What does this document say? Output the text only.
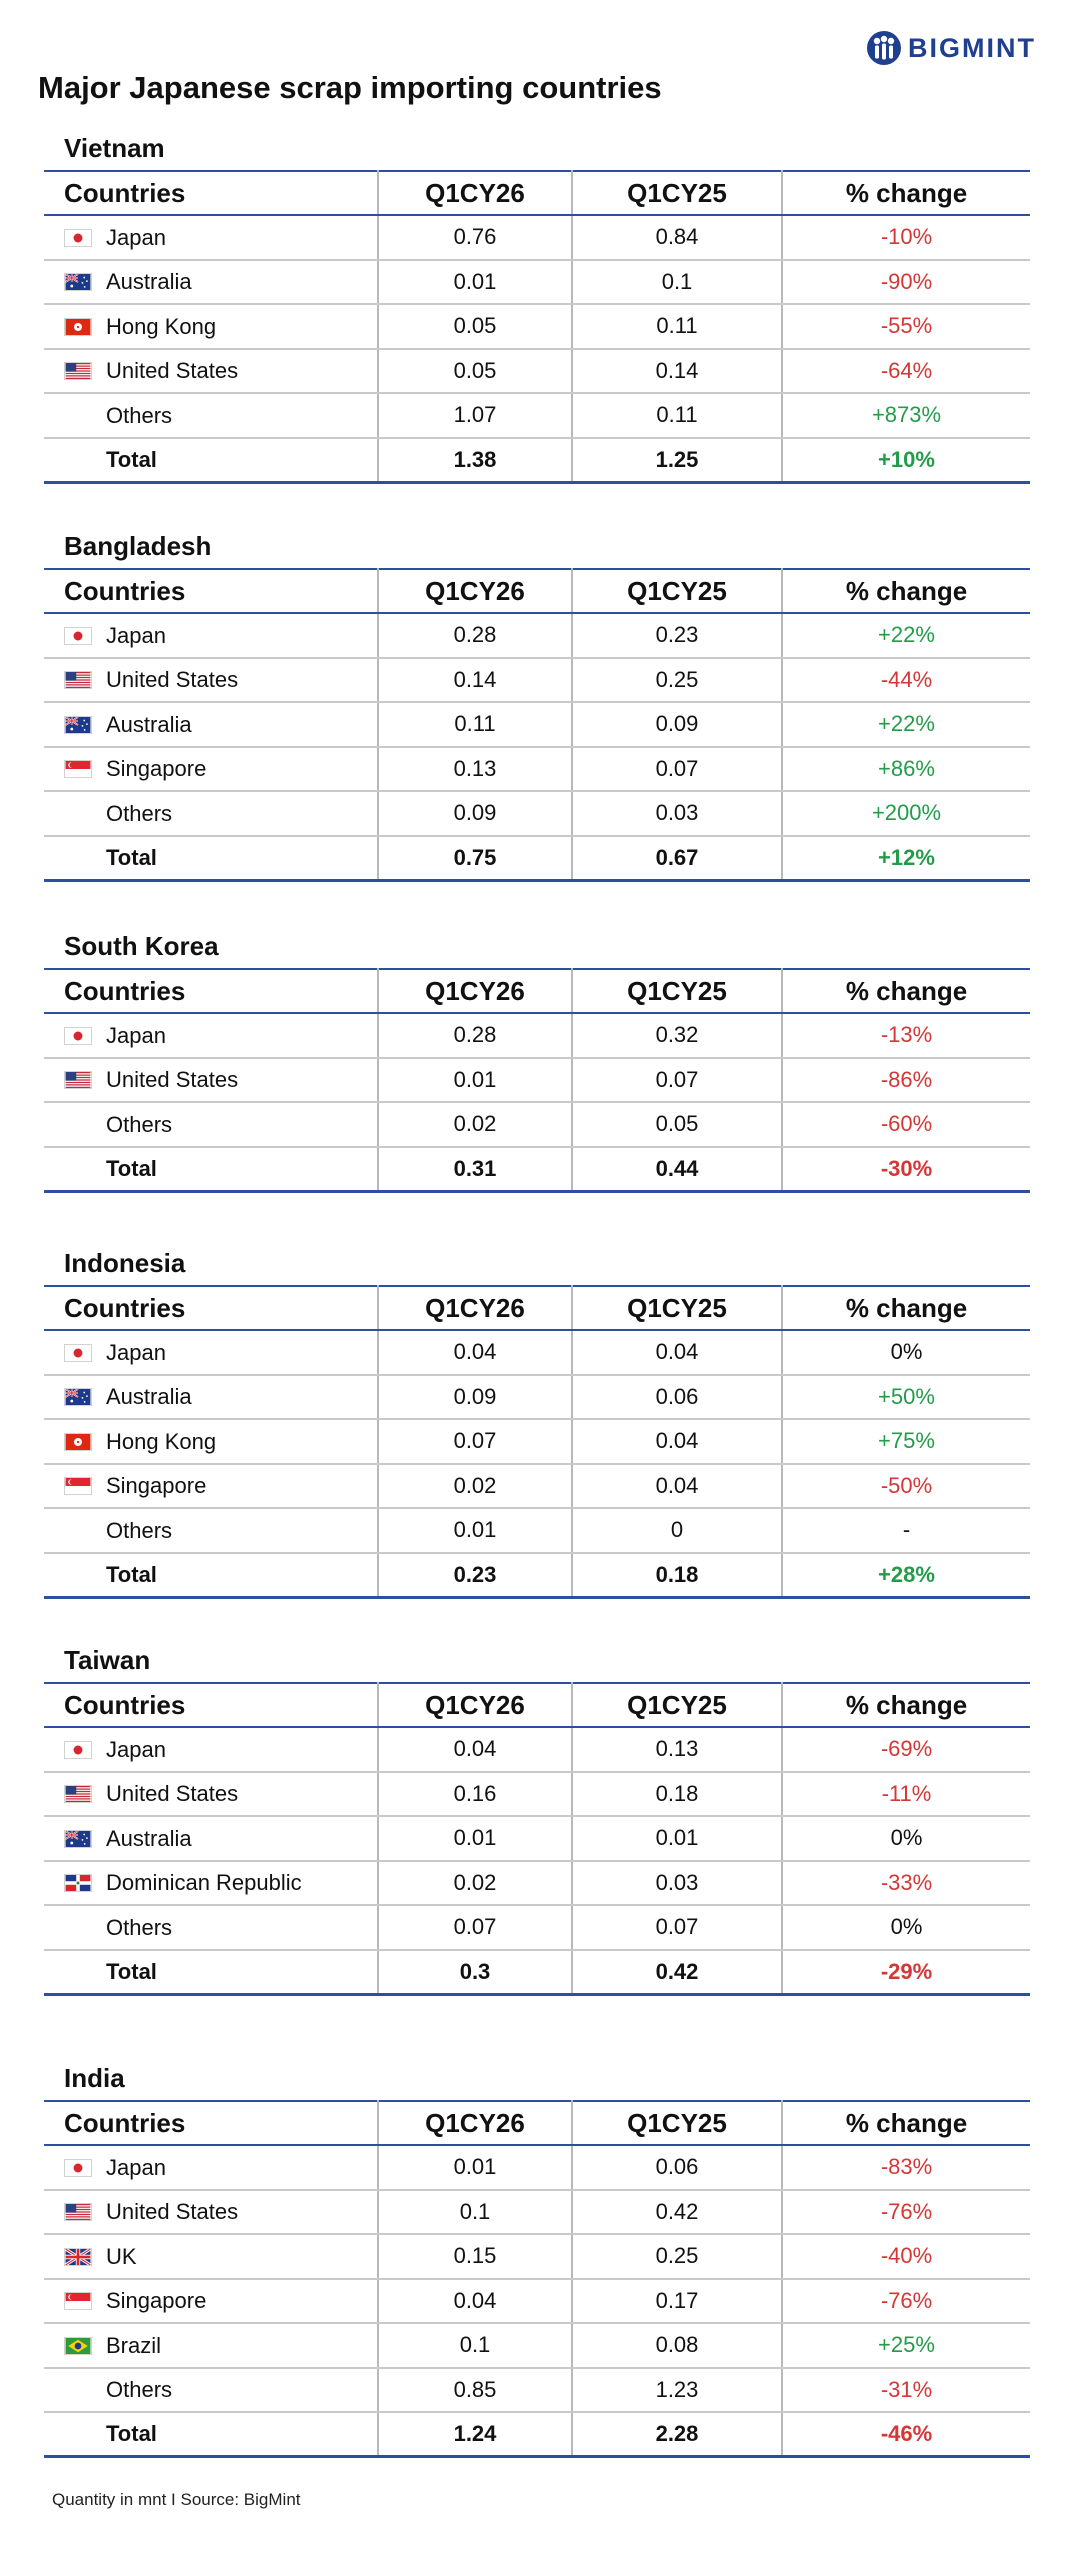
BIGMINT
Major Japanese scrap importing countries
Vietnam
Countries	Q1CY26	Q1CY25	% change

Japan	0.76	0.84	-10%

Australia	0.01	0.1	-90%

Hong Kong	0.05	0.11	-55%

United States	0.05	0.14	-64%
Others	1.07	0.11	+873%
Total	1.38	1.25	+10%
Bangladesh
Countries	Q1CY26	Q1CY25	% change

Japan	0.28	0.23	+22%

United States	0.14	0.25	-44%

Australia	0.11	0.09	+22%

Singapore	0.13	0.07	+86%
Others	0.09	0.03	+200%
Total	0.75	0.67	+12%
South Korea
Countries	Q1CY26	Q1CY25	% change

Japan	0.28	0.32	-13%

United States	0.01	0.07	-86%
Others	0.02	0.05	-60%
Total	0.31	0.44	-30%
Indonesia
Countries	Q1CY26	Q1CY25	% change

Japan	0.04	0.04	0%

Australia	0.09	0.06	+50%

Hong Kong	0.07	0.04	+75%

Singapore	0.02	0.04	-50%
Others	0.01	0	-
Total	0.23	0.18	+28%
Taiwan
Countries	Q1CY26	Q1CY25	% change

Japan	0.04	0.13	-69%

United States	0.16	0.18	-11%

Australia	0.01	0.01	0%

Dominican Republic	0.02	0.03	-33%
Others	0.07	0.07	0%
Total	0.3	0.42	-29%
India
Countries	Q1CY26	Q1CY25	% change

Japan	0.01	0.06	-83%

United States	0.1	0.42	-76%

UK	0.15	0.25	-40%

Singapore	0.04	0.17	-76%

Brazil	0.1	0.08	+25%
Others	0.85	1.23	-31%
Total	1.24	2.28	-46%
Quantity in mnt I Source: BigMint
